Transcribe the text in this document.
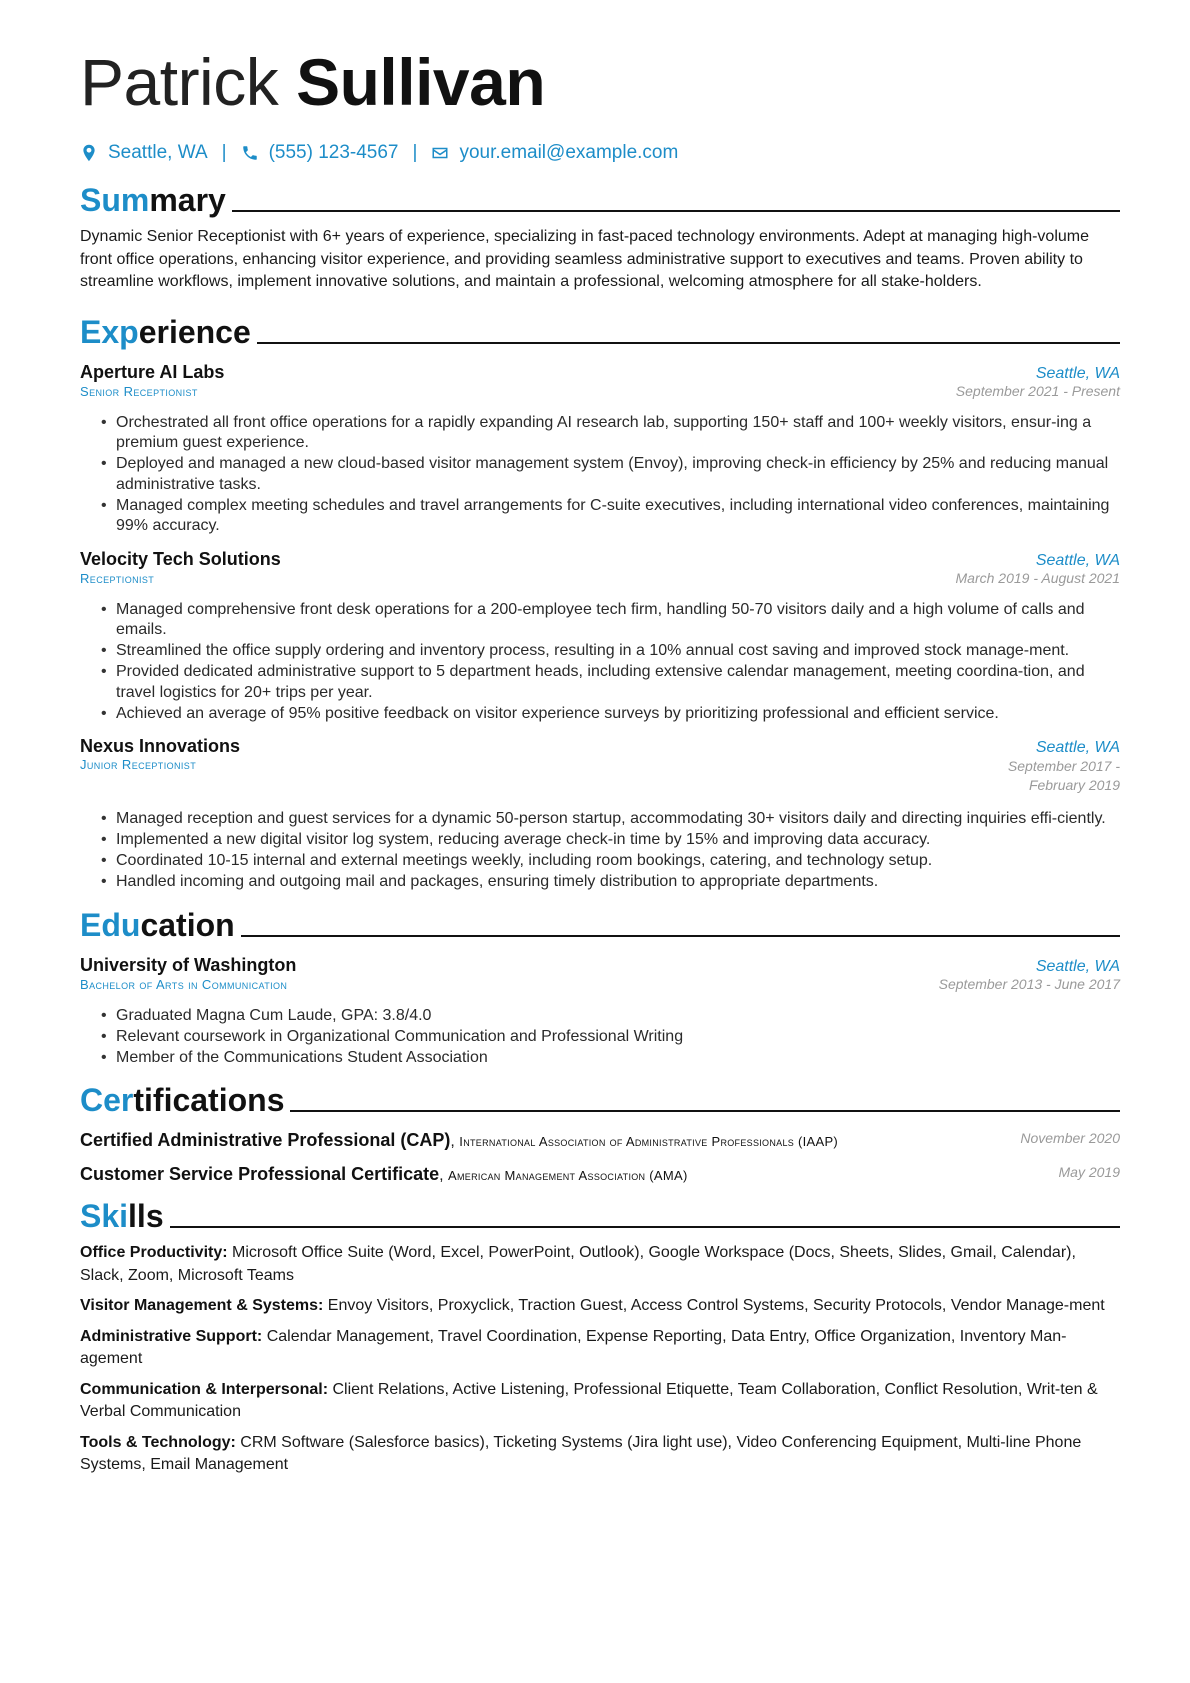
Patrick Sullivan
Seattle, WA | (555) 123-4567 | your.email@example.com
Summary

Dynamic Senior Receptionist with 6+ years of experience, specializing in fast-paced technology environments. Adept at managing high-volume front office operations, enhancing visitor experience, and providing seamless administrative support to executives and teams. Proven ability to streamline workflows, implement innovative solutions, and maintain a professional, welcoming atmosphere for all stake-holders.

Experience
Aperture AI Labs	Seattle, WA
Senior Receptionist	September 2021 - Present
• Orchestrated all front office operations for a rapidly expanding AI research lab, supporting 150+ staff and 100+ weekly visitors, ensur-ing a premium guest experience.
• Deployed and managed a new cloud-based visitor management system (Envoy), improving check-in efficiency by 25% and reducing manual administrative tasks.
• Managed complex meeting schedules and travel arrangements for C-suite executives, including international video conferences, maintaining 99% accuracy.
Velocity Tech Solutions	Seattle, WA
Receptionist	March 2019 - August 2021
• Managed comprehensive front desk operations for a 200-employee tech firm, handling 50-70 visitors daily and a high volume of calls and emails.
• Streamlined the office supply ordering and inventory process, resulting in a 10% annual cost saving and improved stock manage-ment.
• Provided dedicated administrative support to 5 department heads, including extensive calendar management, meeting coordina-tion, and travel logistics for 20+ trips per year.
• Achieved an average of 95% positive feedback on visitor experience surveys by prioritizing professional and efficient service.
Nexus Innovations	Seattle, WA
Junior Receptionist	September 2017 - February 2019
• Managed reception and guest services for a dynamic 50-person startup, accommodating 30+ visitors daily and directing inquiries effi-ciently.
• Implemented a new digital visitor log system, reducing average check-in time by 15% and improving data accuracy.
• Coordinated 10-15 internal and external meetings weekly, including room bookings, catering, and technology setup.
• Handled incoming and outgoing mail and packages, ensuring timely distribution to appropriate departments.
Education
University of Washington	Seattle, WA
Bachelor of Arts in Communication	September 2013 - June 2017
• Graduated Magna Cum Laude, GPA: 3.8/4.0
• Relevant coursework in Organizational Communication and Professional Writing
• Member of the Communications Student Association
Certifications
Certified Administrative Professional (CAP), International Association of Administrative Professionals (IAAP)	November 2020
Customer Service Professional Certificate, American Management Association (AMA)	May 2019
Skills
Office Productivity: Microsoft Office Suite (Word, Excel, PowerPoint, Outlook), Google Workspace (Docs, Sheets, Slides, Gmail, Calendar), Slack, Zoom, Microsoft Teams
Visitor Management & Systems: Envoy Visitors, Proxyclick, Traction Guest, Access Control Systems, Security Protocols, Vendor Manage-ment
Administrative Support: Calendar Management, Travel Coordination, Expense Reporting, Data Entry, Office Organization, Inventory Man-agement
Communication & Interpersonal: Client Relations, Active Listening, Professional Etiquette, Team Collaboration, Conflict Resolution, Writ-ten & Verbal Communication
Tools & Technology: CRM Software (Salesforce basics), Ticketing Systems (Jira light use), Video Conferencing Equipment, Multi-line Phone Systems, Email Management
